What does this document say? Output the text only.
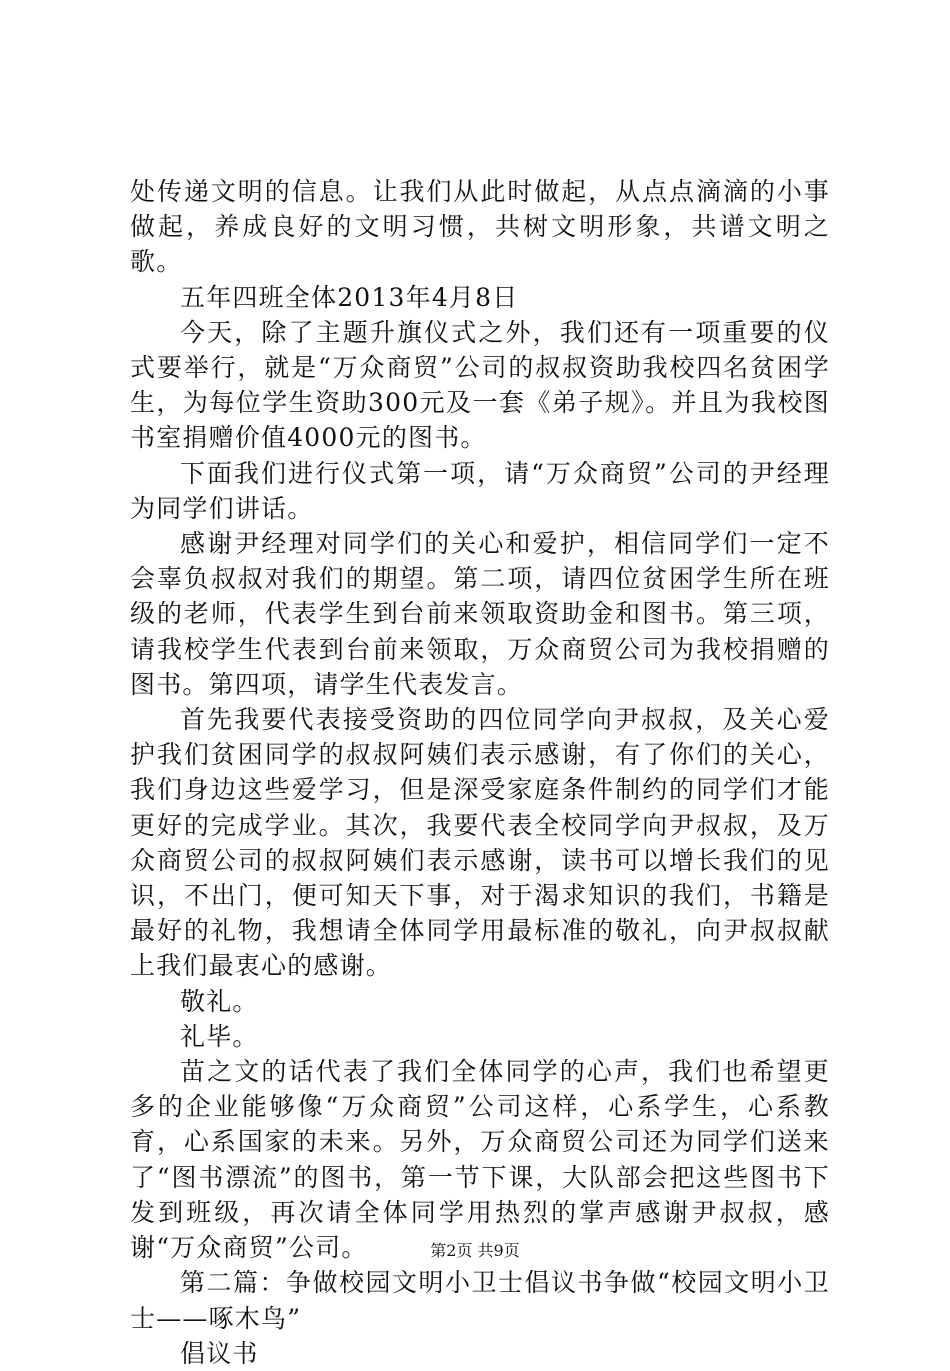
处传递文明的信息。让我们从此时做起，从点点滴滴的小事做起，养成良好的文明习惯，共树文明形象，共谱文明之歌。

五年四班全体2013年4月8日

今天，除了主题升旗仪式之外，我们还有一项重要的仪式要举行，就是“万众商贸”公司的叔叔资助我校四名贫困学生，为每位学生资助300元及一套《弟子规》。并且为我校图书室捐赠价值4000元的图书。

下面我们进行仪式第一项，请“万众商贸”公司的尹经理为同学们讲话。

感谢尹经理对同学们的关心和爱护，相信同学们一定不会辜负叔叔对我们的期望。第二项，请四位贫困学生所在班级的老师，代表学生到台前来领取资助金和图书。第三项，请我校学生代表到台前来领取，万众商贸公司为我校捐赠的图书。第四项，请学生代表发言。

首先我要代表接受资助的四位同学向尹叔叔，及关心爱护我们贫困同学的叔叔阿姨们表示感谢，有了你们的关心，我们身边这些爱学习，但是深受家庭条件制约的同学们才能更好的完成学业。其次，我要代表全校同学向尹叔叔，及万众商贸公司的叔叔阿姨们表示感谢，读书可以增长我们的见识，不出门，便可知天下事，对于渴求知识的我们，书籍是最好的礼物，我想请全体同学用最标准的敬礼，向尹叔叔献上我们最衷心的感谢。

敬礼。

礼毕。

苗之文的话代表了我们全体同学的心声，我们也希望更多的企业能够像“万众商贸”公司这样，心系学生，心系教育，心系国家的未来。另外，万众商贸公司还为同学们送来了“图书漂流”的图书，第一节下课，大队部会把这些图书下发到班级，再次请全体同学用热烈的掌声感谢尹叔叔，感谢“万众商贸”公司。

第二篇：争做校园文明小卫士倡议书争做“校园文明小卫士——啄木鸟”

倡议书

第2页 共9页
